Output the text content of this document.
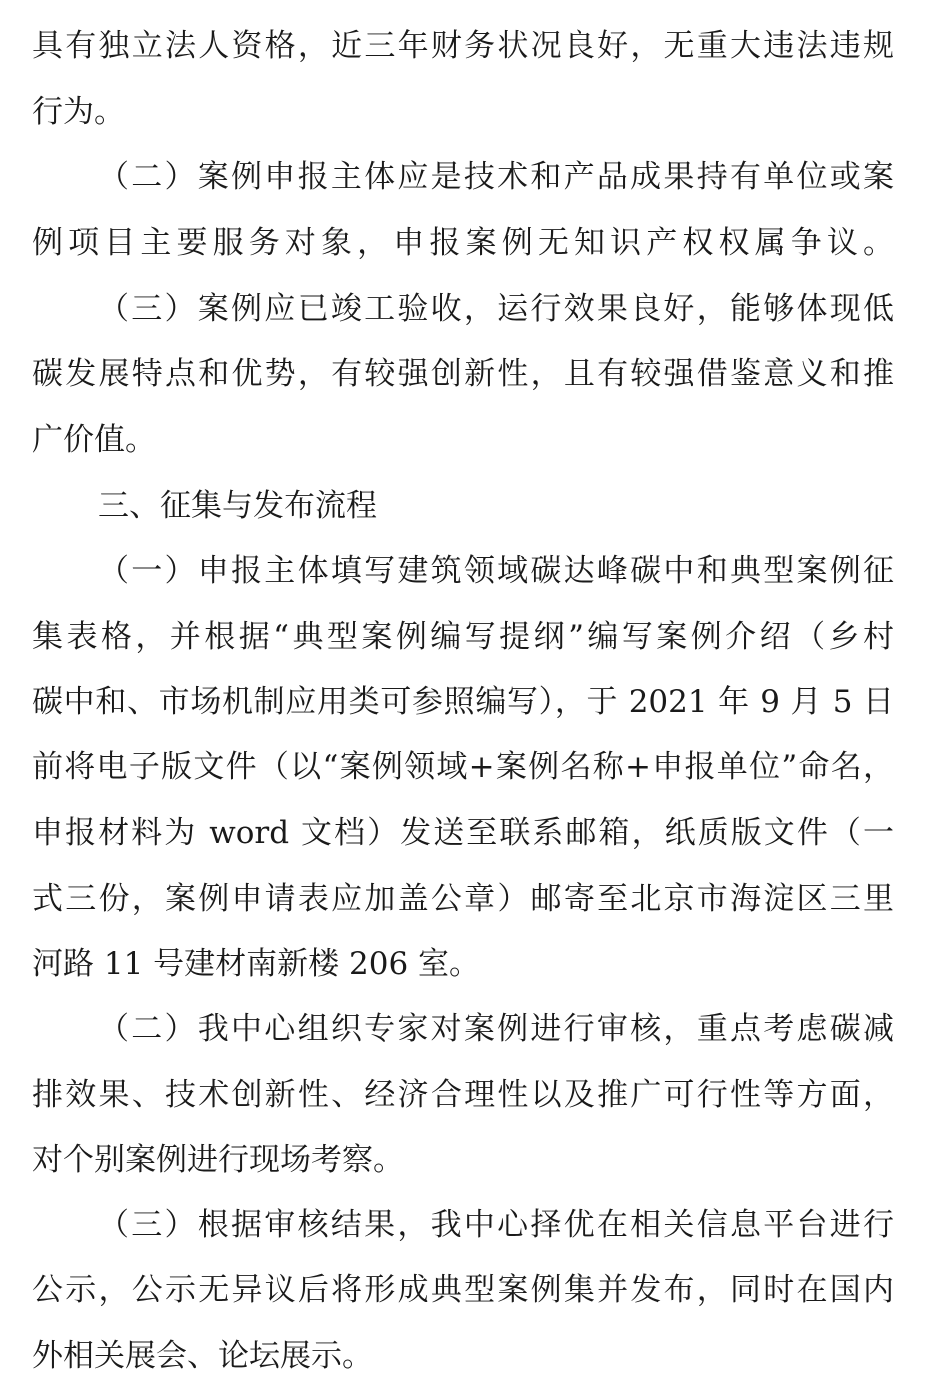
具有独立法人资格，近三年财务状况良好，无重大违法违规
行为。
（二）案例申报主体应是技术和产品成果持有单位或案
例项目主要服务对象，申报案例无知识产权权属争议。
（三）案例应已竣工验收，运行效果良好，能够体现低
碳发展特点和优势，有较强创新性，且有较强借鉴意义和推
广价值。
三、征集与发布流程
（一）申报主体填写建筑领域碳达峰碳中和典型案例征
集表格，并根据“典型案例编写提纲”编写案例介绍（乡村
碳中和、市场机制应用类可参照编写），于 2021 年 9 月 5 日
前将电子版文件（以“案例领域+案例名称+申报单位”命名，
申报材料为 word 文档）发送至联系邮箱，纸质版文件（一
式三份，案例申请表应加盖公章）邮寄至北京市海淀区三里
河路 11 号建材南新楼 206 室。
（二）我中心组织专家对案例进行审核，重点考虑碳减
排效果、技术创新性、经济合理性以及推广可行性等方面，
对个别案例进行现场考察。
（三）根据审核结果，我中心择优在相关信息平台进行
公示，公示无异议后将形成典型案例集并发布，同时在国内
外相关展会、论坛展示。
